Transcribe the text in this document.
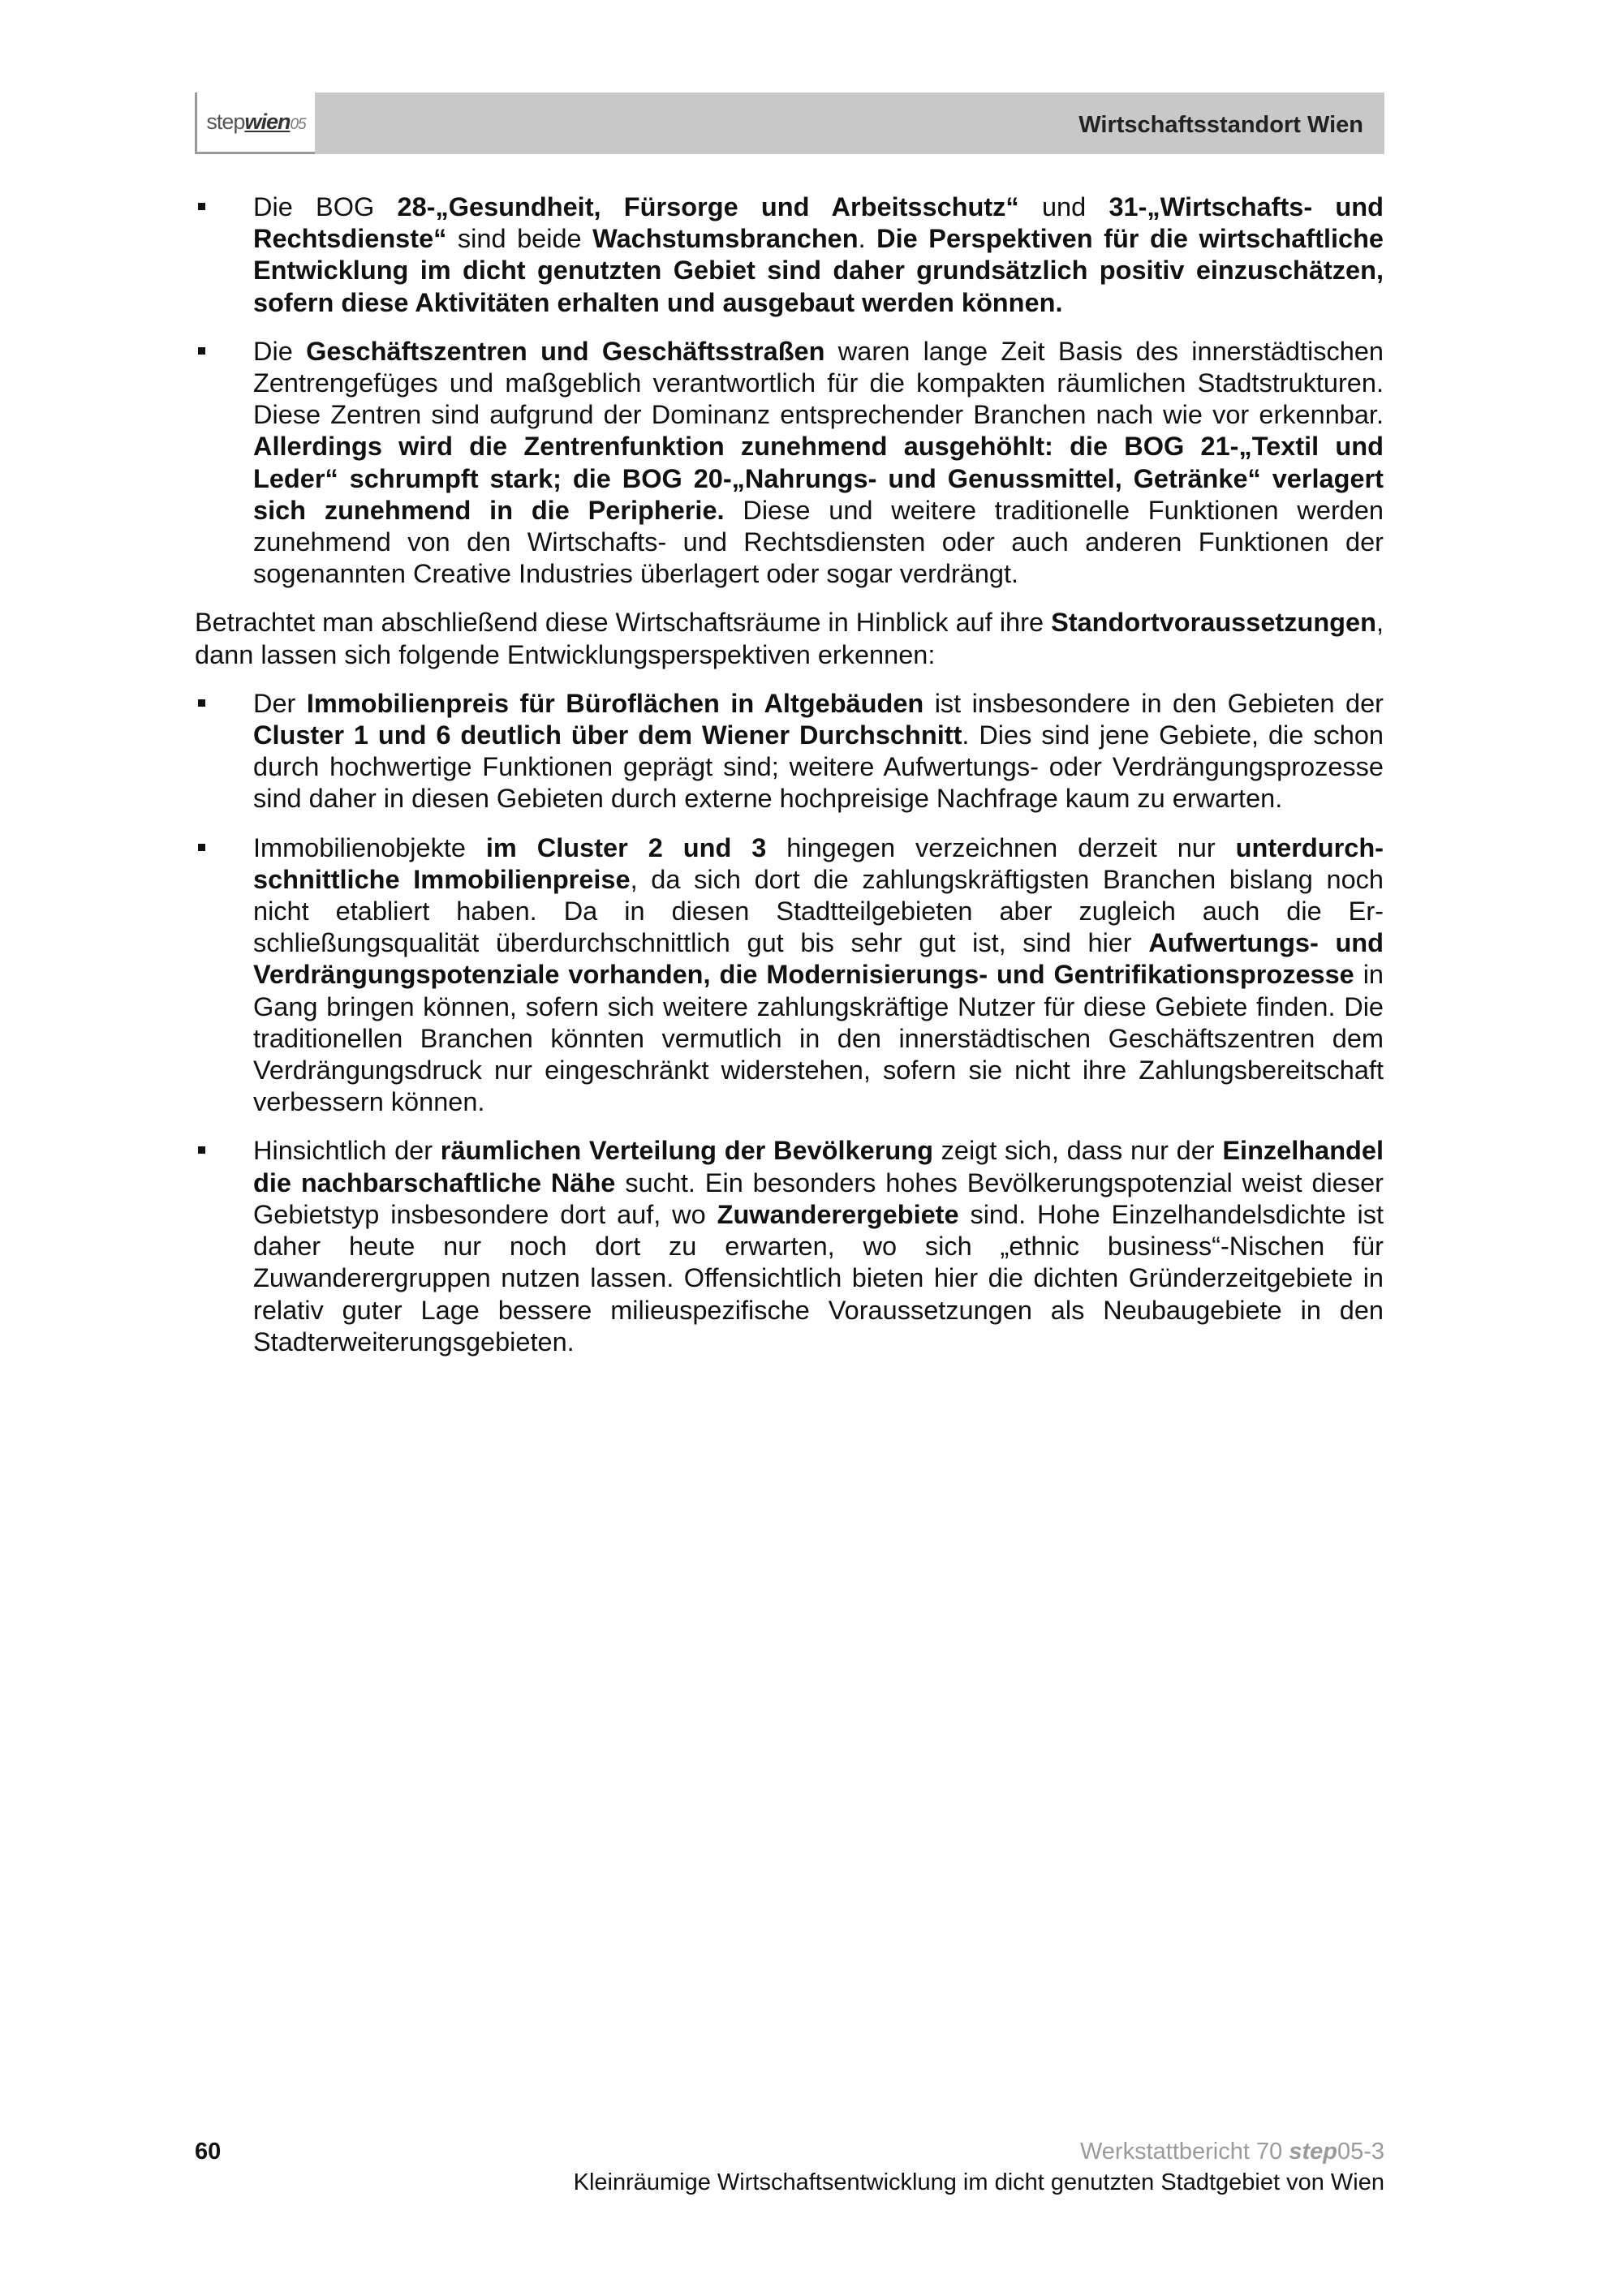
stepwien05	Wirtschaftsstandort Wien
Die BOG 28-„Gesundheit, Fürsorge und Arbeitsschutz“ und 31-„Wirtschafts- und Rechtsdienste“ sind beide Wachstumsbranchen. Die Perspektiven für die wirtschaftliche Entwicklung im dicht genutzten Gebiet sind daher grundsätzlich positiv einzuschätzen, sofern diese Aktivitäten erhalten und ausgebaut werden können.
Die Geschäftszentren und Geschäftsstraßen waren lange Zeit Basis des innerstädtischen Zentrengefüges und maßgeblich verantwortlich für die kompakten räumlichen Stadtstrukturen. Diese Zentren sind aufgrund der Dominanz entsprechender Branchen nach wie vor erkennbar. Allerdings wird die Zentrenfunktion zunehmend ausgehöhlt: die BOG 21-„Textil und Leder“ schrumpft stark; die BOG 20-„Nahrungs- und Genussmittel, Getränke“ verlagert sich zunehmend in die Peripherie. Diese und weitere traditionelle Funktionen werden zunehmend von den Wirtschafts- und Rechtsdiensten oder auch anderen Funktionen der sogenannten Creative Industries überlagert oder sogar verdrängt.
Betrachtet man abschließend diese Wirtschaftsräume in Hinblick auf ihre Standortvoraussetzungen, dann lassen sich folgende Entwicklungsperspektiven erkennen:
Der Immobilienpreis für Büroflächen in Altgebäuden ist insbesondere in den Gebieten der Cluster 1 und 6 deutlich über dem Wiener Durchschnitt. Dies sind jene Gebiete, die schon durch hochwertige Funktionen geprägt sind; weitere Aufwertungs- oder Verdrängungsprozesse sind daher in diesen Gebieten durch externe hochpreisige Nachfrage kaum zu erwarten.
Immobilienobjekte im Cluster 2 und 3 hingegen verzeichnen derzeit nur unterdurchschnittliche Immobilienpreise, da sich dort die zahlungskräftigsten Branchen bislang noch nicht etabliert haben. Da in diesen Stadtteilgebieten aber zugleich auch die Erschließungsqualität überdurchschnittlich gut bis sehr gut ist, sind hier Aufwertungs- und Verdrängungspotenziale vorhanden, die Modernisierungs- und Gentrifikationsprozesse in Gang bringen können, sofern sich weitere zahlungskräftige Nutzer für diese Gebiete finden. Die traditionellen Branchen könnten vermutlich in den innerstädtischen Geschäftszentren dem Verdrängungsdruck nur eingeschränkt widerstehen, sofern sie nicht ihre Zahlungsbereitschaft verbessern können.
Hinsichtlich der räumlichen Verteilung der Bevölkerung zeigt sich, dass nur der Einzelhandel die nachbarschaftliche Nähe sucht. Ein besonders hohes Bevölkerungspotenzial weist dieser Gebietstyp insbesondere dort auf, wo Zuwanderergebiete sind. Hohe Einzelhandelsdichte ist daher heute nur noch dort zu erwarten, wo sich „ethnic business“-Nischen für Zuwanderergruppen nutzen lassen. Offensichtlich bieten hier die dichten Gründerzeitgebiete in relativ guter Lage bessere milieuspezifische Voraussetzungen als Neubaugebiete in den Stadterweiterungsgebieten.
60	Werkstattbericht 70 step05-3
Kleinräumige Wirtschaftsentwicklung im dicht genutzten Stadtgebiet von Wien
